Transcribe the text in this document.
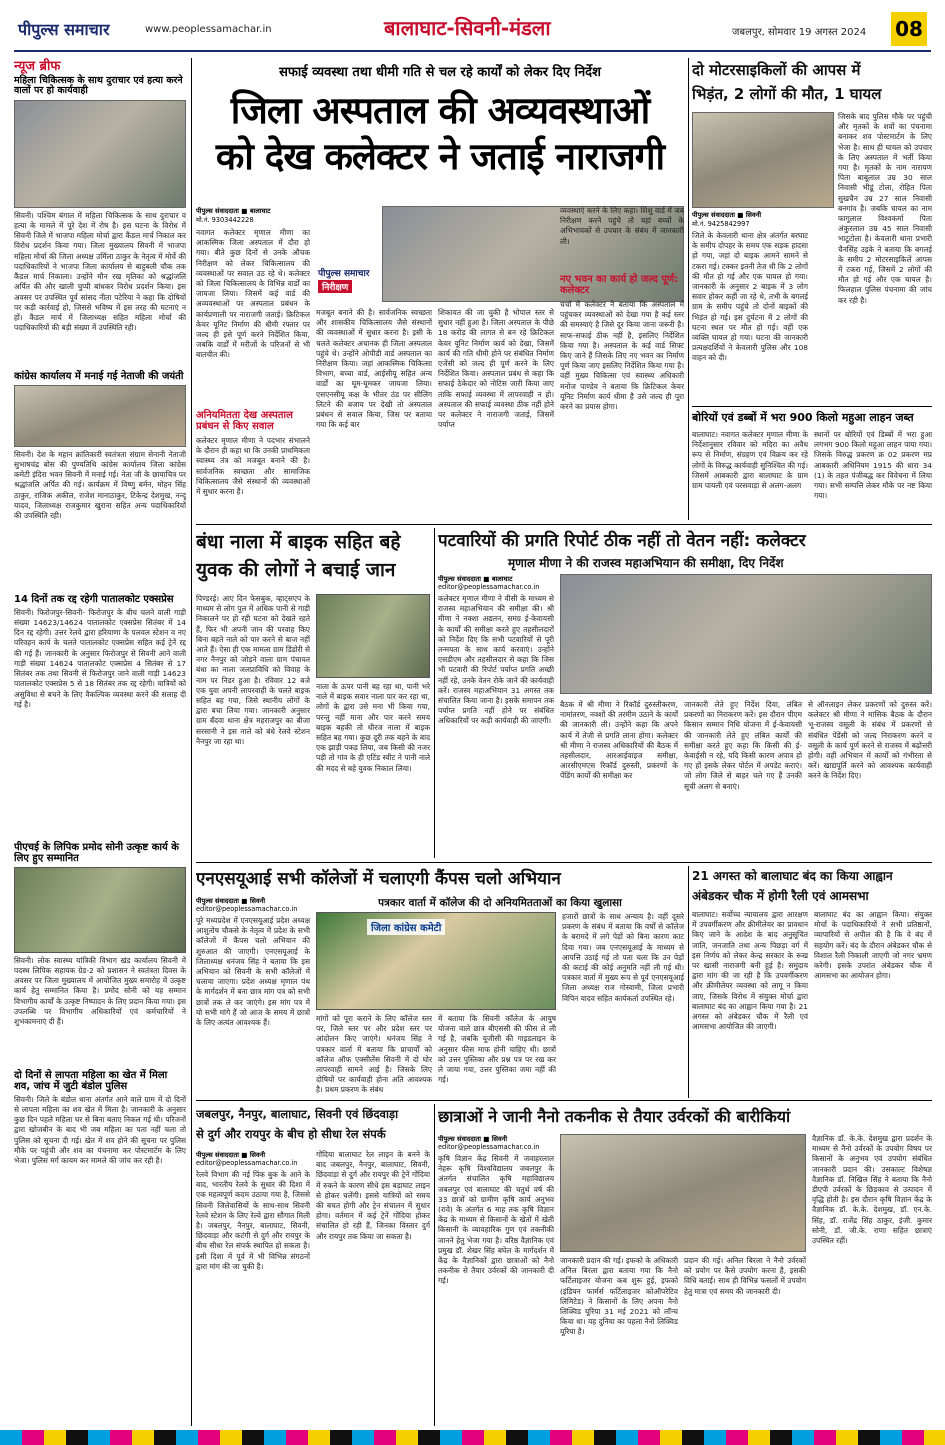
पीपुल्स समाचार	www.peoplessamachar.in	बालाघाट-सिवनी-मंडला	जबलपुर, सोमवार 19 अगस्त 2024 08
न्यूज ब्रीफ
महिला चिकित्सक के साथ दुराचार एवं हत्या करने वालों पर हो कार्यवाही
सिवनी। पश्चिम बंगाल में महिला चिकित्सक के साथ दुराचार व हत्या के मामले में पूरे देश में रोष है। इस घटना के विरोध में सिवनी जिले में भाजपा महिला मोर्चा द्वारा कैंडल मार्च निकाल कर विरोध प्रदर्शन किया गया। जिला मुख्यालय सिवनी में भाजपा महिला मोर्चा की जिला अध्यक्ष उर्मिला ठाकुर के नेतृत्व में मोर्चे की पदाधिकारियों ने भाजपा जिला कार्यालय से बाहुबली चौक तक कैंडल मार्च निकाला। उन्होंने मौन रख मृतिका को श्रद्धांजलि अर्पित की और खाली चुप्पी बांधकर विरोध प्रदर्शन किया। इस अवसर पर उपस्थित पूर्व सांसद नीता पटेरिया ने कहा कि दोषियों पर कड़ी कार्रवाई हो, जिससे भविष्य में इस तरह की घटनाएं न हों। कैंडल मार्च में जिलाध्यक्ष सहित महिला मोर्चा की पदाधिकारियों की बड़ी संख्या में उपस्थिति रही।
कांग्रेस कार्यालय में मनाई गई नेताजी की जयंती
सिवनी। देश के महान क्रांतिकारी स्वतंत्रता संग्राम सेनानी नेताजी सुभाषचंद्र बोस की पुण्यतिथि कांग्रेस कार्यालय जिला कांग्रेस कमेटी इंदिरा भवन सिवनी में मनाई गई। नेता जी के छायाचित्र पर श्रद्धांजलि अर्पित की गई। कार्यक्रम में विष्णु बर्मन, मोहन सिंह ठाकुर, राजिक अकील, राजेश मानाठाकुर, टिकेन्द्र देशमुख, नन्दू यादव, जिलाध्यक्ष राजकुमार खुराना सहित अन्य पदाधिकारियों की उपस्थिति रही।
14 दिनों तक रद्द रहेगी पातालकोट एक्सप्रेस
सिवनी। फिरोजपुर-सिवनी- फिरोजपुर के बीच चलने वाली गाड़ी संख्या 14623/14624 पातालकोट एक्सप्रेस सितंबर में 14 दिन रद्द रहेगी। उत्तर रेलवे द्वारा हरियाणा के पलवल स्टेशन व नए परिवहन कार्य के चलते पातालकोट एक्सप्रेस सहित कई ट्रेनें रद्द की गई हैं। जानकारी के अनुसार फिरोजपुर से सिवनी आने वाली गाड़ी संख्या 14624 पातालकोट एक्सप्रेस 4 सितंबर से 17 सितंबर तक तथा सिवनी से फिरोजपुर जाने वाली गाड़ी 14623 पातालकोट एक्सप्रेस 5 से 18 सितंबर तक रद्द रहेगी। यात्रियों को असुविधा से बचने के लिए वैकल्पिक व्यवस्था करने की सलाह दी गई है।
पीएचई के लिपिक प्रमोद सोनी उत्कृष्ट कार्य के लिए हुए सम्मानित
सिवनी। लोक स्वास्थ्य यांत्रिकी विभाग खंड कार्यालय सिवनी में पदस्थ लिपिक सहायक ग्रेड-2 को प्रशासन ने स्वतंत्रता दिवस के अवसर पर जिला मुख्यालय में आयोजित मुख्य समारोह में उत्कृष्ट कार्य हेतु सम्मानित किया है। प्रमोद सोनी को यह सम्मान विभागीय कार्यों के उत्कृष्ट निष्पादन के लिए प्रदान किया गया। इस उपलब्धि पर विभागीय अधिकारियों एवं कर्मचारियों ने शुभकामनाएं दी हैं।
दो दिनों से लापता महिला का खेत में मिला शव, जांच में जुटी बंडोल पुलिस
सिवनी। जिले के बंडोल थाना अंतर्गत आने वाले ग्राम में दो दिनों से लापता महिला का शव खेत में मिला है। जानकारी के अनुसार कुछ दिन पहले महिला घर से बिना बताए निकल गई थी। परिजनों द्वारा खोजबीन के बाद भी जब महिला का पता नहीं चला तो पुलिस को सूचना दी गई। खेत में शव होने की सूचना पर पुलिस मौके पर पहुंची और शव का पंचनामा कर पोस्टमार्टम के लिए भेजा। पुलिस मर्ग कायम कर मामले की जांच कर रही है।
सफाई व्यवस्था तथा धीमी गति से चल रहे कार्यों को लेकर दिए निर्देश
जिला अस्पताल की अव्यवस्थाओं
को देख कलेक्टर ने जताई नाराजगी
पीपुल्स संवाददाता ■ बालाघाट
मो.नं. 9303442228
नवागत कलेक्टर मृणाल मीणा का आकस्मिक जिला अस्पताल में दौरा हो गया। बीते कुछ दिनों से उनके औचक निरीक्षण को लेकर चिकित्सालय की व्यवस्थाओं पर सवाल उठ रहे थे। कलेक्टर को जिला चिकित्सालय के विभिन्न वार्डों का जायजा लिया। जिसमें कई वार्ड की अव्यवस्थाओं पर अस्पताल प्रबंधन के कार्यप्रणाली पर नाराजगी जताई। क्रिटिकल केयर यूनिट निर्माण की धीमी रफ्तार पर जल्द ही इसे पूर्ण करने निर्देशित किया, जबकि वार्डों में मरीजों के परिजनों से भी बातचीत की।
अनियमितता देख अस्पताल प्रबंधन से किए सवाल
कलेक्टर मृणाल मीणा ने पदभार संभालने के दौरान ही कहा था कि उनकी प्राथमिकता स्वास्थ्य तंत्र को मजबूत बनाने की है। सार्वजनिक स्वच्छता और सामाजिक चिकित्सालय जैसे संस्थानों की व्यवस्थाओं में सुधार करना है।
पीपुल्स समाचार
निरीक्षण
मजबूत बनाने की है। सार्वजनिक स्वच्छता और शासकीय चिकित्सालय जैसे संस्थानों की व्यवस्थाओं में सुधार करना है। इसी के चलते कलेक्टर अचानक ही जिला अस्पताल पहुंचे थे। उन्होंने ओपीडी वार्ड अस्पताल का निरीक्षण किया। जहां आकस्मिक चिकित्सा विभाग, बच्चा वार्ड, आईसीयू सहित अन्य वार्डों का घूम-घूमकर जायजा लिया। एसएनसीयू कक्ष के भीतर ठंड पर सीलिंग लिटने की बजाय पर देखी तो अस्पताल प्रबंधन से सवाल किया, जिस पर बताया गया कि कई बार
शिकायत की जा चुकी है भोपाल स्तर से सुधार नहीं हुआ है। जिला अस्पताल के पीछे 18 करोड़ की लागत से बन रहे क्रिटिकल केयर यूनिट निर्माण कार्य को देखा, जिसमें कार्य की गति धीमी होने पर संबंधित निर्माण एजेंसी को जल्द ही पूर्ण करने के लिए निर्देशित किया। अस्पताल प्रबंध से कहा कि सफाई ठेकेदार को नोटिस जारी किया जाए ताकि सफाई व्यवस्था में लापरवाही न हो। अस्पताल की सफाई व्यवस्था ठीक नहीं होने पर कलेक्टर ने नाराजगी जताई, जिसमें पर्याप्त
व्यवस्थाएं करने के लिए कहा। शिशु वार्ड में जब निरीक्षण करने पहुंचे तो यहां बच्चों के अभिभावकों से उपचार के संबंध में जानकारी ली।
नए भवन का कार्य हो जल्द पूर्ण: कलेक्टर
चर्चा में कलेक्टर ने बताया कि अस्पताल में पहुंचकर व्यवस्थाओं को देखा गया है कई स्तर की समस्याएं है जिसे दूर किया जाना जरूरी है। साफ-सफाई ठीक नहीं है, इसलिए निर्देशित किया गया है। अस्पताल के कई वार्ड सिफ्ट किए जाने हैं जिसके लिए नए भवन का निर्माण पूर्ण किया जाए इसलिए निर्देशित किया गया है। वहीं मुख्य चिकित्सा एवं स्वास्थ्य अधिकारी मनोज पाण्डेय ने बताया कि क्रिटिकल केयर यूनिट निर्माण कार्य धीमा है उसे जल्द ही पूरा करने का प्रयास होगा।
दो मोटरसाइकिलों की आपस में
भिड़ंत, 2 लोगों की मौत, 1 घायल
पीपुल्स संवाददाता ■ सिवनी
मो.नं. 9425842997
जिले के केवलारी थाना क्षेत्र अंतर्गत बरघाट के समीप दोपहर के समय एक सड़क हादसा हो गया, जहां दो बाइक आमने सामने से टकरा गई। टक्कर इतनी तेज थी कि 2 लोगों की मौत हो गई और एक घायल हो गया। जानकारी के अनुसार 2 बाइक में 3 लोग सवार होकर कहीं जा रहे थे, तभी के बगलई ग्राम के समीप पहुंचे तो दोनों बाइकों की भिड़ंत हो गई। इस दुर्घटना में 2 लोगों की घटना स्थल पर मौत हो गई। वहीं एक व्यक्ति घायल हो गया। घटना की जानकारी प्रत्यक्षदर्शियों ने केवलारी पुलिस और 108 वाहन को दी।
जिसके बाद पुलिस मौके पर पहुंची और मृतकों के शवों का पंचनामा बनाकर शव पोस्टमार्टम के लिए भेजा है। साथ ही घायल को उपचार के लिए अस्पताल में भर्ती किया गया है। मृतकों के नाम नारायण पिता बाबूलाल उम्र 30 साल निवासी भीडूं टोला, रोहित पिता सुखचैन उम्र 27 साल निवासी बनगांव है। जबकि घायल का नाम फागूलाल विश्वकर्मा पिता अंकुरलाल उम्र 45 साल निवासी भाटूटोला है। केवलारी थाना प्रभारी चैनसिंह उइके ने बताया कि बगलई के समीप 2 मोटरसाइकिलें आपस में टकरा गई, जिसमें 2 लोगों की मौत हो गई और एक घायल है। फिलहाल पुलिस पंचनामा की जांच कर रही है।
बोरियों एवं डब्बों में भरा 900 किलो महुआ लाहन जब्त
बालाघाट। नवागत कलेक्टर मृणाल मीणा के निर्देशानुसार रविवार को मदिरा का अवैध रूप से निर्माण, संग्रहण एवं विक्रय कर रहे लोगों के विरुद्ध कार्यवाही सुनिश्चित की गई। जिसमें आबकारी द्वारा बालाघाट के ग्राम ग्राम पायली एवं परसवाड़ा से अलग-अलग
स्थानों पर बोरियों एवं डिब्बों में भरा हुआ लगभग 900 किलो महुआ लाहन पाया गया। जिसके विरुद्ध प्रकरण क्र 02 प्रकरण मप्र आबकारी अधिनियम 1915 की धारा 34 (1) के तहत पंजीबद्ध कर विवेचना में लिया गया। सभी सम्पत्ति लेकर मौके पर नष्ट किया गया।
बंधा नाला में बाइक सहित बहे
युवक की लोगों ने बचाई जान
पिण्डरई। आए दिन फेसबुक, व्हाट्सएप के माध्यम से लोग पुल में अधिक पानी से गाड़ी निकालने पर हो रही घटना को देखते रहते हैं, फिर भी अपनी जान की परवाह किए बिना बहते नाले को पार करने से बाज नहीं आते हैं। ऐसा ही एक मामला ग्राम डिंडोरी से नगर नैनपुर को जोड़ने वाला ग्राम पंचायत बंधा का नाला जलप्राविधि को विवाह के नाम पर निडर हुआ है। रविवार 12 बजे एक युवा अपनी लापरवाही के चलते बाइक सहित बह गया, जिसे स्थानीय लोगों के द्वारा बचा लिया गया। जानकारी अनुसार ग्राम बँदवा थाना क्षेत्र महराजपुर का बीजा सरसानी ने इस नाले को बंधे रेलवे स्टेशन नैनपुर जा रहा था।
नाला के ऊपर पानी बह रहा था, पानी भरे नाले में बाइक सवार नाला पार कर रहा था, लोगों के द्वारा उसे मना भी किया गया, परन्तु नहीं माना और पार करने समय बाइक बहकी तो धीरज नाला में बाइक सहित बह गया। कुछ दूरी तक बहने के बाद एक झाड़ी पकड़ लिया, जब किसी की नजर पड़ी तो गांव के ही एटिंड स्वीट ने पानी नाले की मदद से बहे युवक निकाल लिया।
पटवारियों की प्रगति रिपोर्ट ठीक नहीं तो वेतन नहीं: कलेक्टर
मृणाल मीणा ने की राजस्व महाअभियान की समीक्षा, दिए निर्देश
पीपुल्स संवाददाता ■ बालाघाट
editor@peoplessamachar.co.in
कलेक्टर मृणाल मीणा ने वीसी के माध्यम से राजस्व महाअभियान की समीक्षा की। श्री मीणा ने नक्शा अद्यतन, समग्र ई-केवायसी के कार्यों की समीक्षा करते हुए तहसीलदारों को निर्देश दिए कि सभी पटवारियों से पूरी तन्मयता के साथ कार्य करवाएं। उन्होंने एसडीएम और तहसीलदार से कहा कि जिस भी पटवारी की रिपोर्ट पर्याप्त प्रगति अच्छी नहीं रहे, उनके वेतन रोके जाने की कार्यवाही करें। राजस्व महाअभियान 31 अगस्त तक संचालित किया जाना है। इसके समापन तक पर्याप्त प्रगति नहीं होने पर संबंधित अधिकारियों पर कड़ी कार्यवाही की जाएगी।
बैठक में श्री मीणा ने रिकॉर्ड दुरुस्तीकरण, नामांतरण, नक्शों की तरमीम उठाने के कार्यों की जानकारी ली। उन्होंने कहा कि अपने कार्य में तेजी से प्रगति लाना होगा। कलेक्टर श्री मीणा ने राजस्व अधिकारियों की बैठक में तहसीलदार, आरआईवाइज समीक्षा, आरसीएमएस रिकॉर्ड दुरुस्ती, प्रकरणों के पेंडिंग कार्यों की समीक्षा कर
जानकारी लेते हुए निर्देश दिया, लंबित प्रकरणों का निराकरण करें। इस दौरान पीएम किसान सम्मान निधि योजना में ई-केवायसी की जानकारी लेते हुए लंबित कार्यों की समीक्षा करते हुए कहा कि किसी की ई-केवाईसी न रहे, यदि किसी कारण अपात्र हो गए हों इसके लेकर पोर्टल में अपडेट कराएं। जो लोग जिले से बाहर चले गए हैं उनकी सूची अलग से बनाएं।
से ऑनलाइन लेकर प्रकरणों को दुरुस्त करें। कलेक्टर श्री मीणा ने मासिक बैठक के दौरान भू-राजस्व वसूली के संबंध में प्रकरणों से संबंधित पेंडेंसी को जल्द निराकरण करने व वसूली के कार्य पूर्ण करने से राजस्व में बढ़ोत्तरी होगी। वहीं अभियान में कार्यों को गंभीरता से करें। खाद्यपूर्ति करने को आवश्यक कार्यवाही करने के निर्देश दिए।
एनएसयूआई सभी कॉलेजों में चलाएगी कैंपस चलो अभियान
पीपुल्स संवाददाता ■ सिवनी
editor@peoplessamachar.co.in
पूरे मध्यप्रदेश में एनएसयूआई प्रदेश अध्यक्ष आशुतोष चौकसे के नेतृत्व में प्रदेश के सभी कॉलेजों में कैंपस चलो अभियान की शुरुआत की जाएगी। एनएसयूआई के जिलाध्यक्ष धनंजय सिंह ने बताया कि इस अभियान को सिवनी के सभी कॉलेजों में चलाया जाएगा। प्रदेश अध्यक्ष मृणाल पंथ के मार्गदर्शन में बना छात्र मांग पत्र को सभी छात्रों तक ले कर जाएंगे। इस मांग पत्र में यो सभी मांगे हैं जो आज के समय में छात्रों के लिए अत्यंत आवश्यक हैं।
पत्रकार वार्ता में कॉलेज की दो अनियमितताओं का किया खुलासा
जिला कांग्रेस कमेटी
मांगों को पूरा कराने के लिए कॉलेज स्तर पर, जिले स्तर पर और प्रदेश स्तर पर आंदोलन किए जाएंगे। धनंजय सिंह ने पत्रकार वार्ता में बताया कि प्राचार्यों को कॉलेज ऑफ एक्सीलेंस सिवनी में दो घोर लापरवाही सामने आई है। जिसके लिए दोषियों पर कार्यवाही होना अति आवश्यक है। प्रथम प्रकरण के संबंध
में बताया कि सिवनी कॉलेज के आयुष योजना वाले छात्र बीएससी की फीस ले ली गई है, जबकि यूजीसी की गाइडलाइन के अनुसार फीस माफ होनी चाहिए थी। छात्रों को उत्तर पुस्तिका और प्रश्न पत्र पर रख कर ले जाया गया, उत्तर पुस्तिका जमा नहीं की गई।
हजारों छात्रों के साथ अन्याय है। वहीं दूसरे प्रकरण के संबंध में बताया कि वर्षों से कॉलेज के बरामदे में लगे पेड़ों को बिना कारण काट दिया गया। जब एनएसयूआई के माध्यम से आपत्ति उठाई गई तो पता चला कि उन पेड़ों की कटाई की कोई अनुमति नहीं ली गई थी। पत्रकार वार्ता में मुख्य रूप से पूर्व एनएसयूआई जिला अध्यक्ष राज गोस्वामी, जिला प्रभारी विपिन यादव सहित कार्यकर्ता उपस्थित रहे।
21 अगस्त को बालाघाट बंद का किया आह्वान
अंबेडकर चौक में होगी रैली एवं आमसभा
बालाघाट। सर्वोच्च न्यायालय द्वारा आरक्षण में उपवर्गीकरण और क्रीमीलेयर का प्रावधान किए जाने के आदेश के बाद अनुसूचित जाति, जनजाति तथा अन्य पिछड़ा वर्ग में इस निर्णय को लेकर केन्द्र सरकार के रूख पर खासी नाराजगी बनी हुई है। समुदाय द्वारा मांग की जा रही है कि उपवर्गीकरण और क्रीमीलेयर व्यवस्था को लागू न किया जाए, जिसके विरोध में संयुक्त मोर्चा द्वारा बालाघाट बंद का आह्वान किया गया है। 21 अगस्त को अंबेडकर चौक में रैली एवं आमसभा आयोजित की जाएगी।
बालाघाट बंद का आह्वान किया। संयुक्त मोर्चा के पदाधिकारियों ने सभी प्रतिष्ठानों, व्यापारियों से अपील की है कि वे बंद में सहयोग करें। बंद के दौरान अंबेडकर चौक से विशाल रैली निकाली जाएगी जो नगर भ्रमण करेगी। इसके उपरांत अंबेडकर चौक में आमसभा का आयोजन होगा।
जबलपुर, नैनपुर, बालाघाट, सिवनी एवं छिंदवाड़ा
से दुर्ग और रायपुर के बीच हो सीधा रेल संपर्क
पीपुल्स संवाददाता ■ सिवनी
editor@peoplessamachar.co.in
रेलवे विभाग की नई पिंक बुक के आने के बाद, भारतीय रेलवे के सुधार की दिशा में एक महत्वपूर्ण कदम उठाया गया है, जिससे सिवनी जिलेवासियों के साथ-साथ सिवनी रेलवे स्टेशन के लिए रेल्वे द्वारा सौगात मिली है। जबलपुर, नैनपुर, बालाघाट, सिवनी, छिंदवाड़ा और कटंगी से दुर्ग और रायपुर के बीच सीधा रेल संपर्क स्थापित हो सकता है। इसी दिशा में पूर्व में भी विभिन्न संगठनों द्वारा मांग की जा चुकी है।
गोंदिया बालाघाट रेल लाइन के बनने के बाद जबलपुर, नैनपुर, बालाघाट, सिवनी, छिंदवाड़ा से दुर्ग और रायपुर की ट्रेनें गोंदिया में रुकने के कारण सीधे इस बड़ाघाट लाइन से होकर चलेंगी। इससे यात्रियों को समय की बचत होगी और ट्रेन संचालन में सुधार होगा। वर्तमान में कई ट्रेनें गोंदिया होकर संचालित हो रही हैं, जिनका विस्तार दुर्ग और रायपुर तक किया जा सकता है।
छात्राओं ने जानी नैनो तकनीक से तैयार उर्वरकों की बारीकियां
पीपुल्स संवाददाता ■ सिवनी
editor@peoplessamachar.co.in
कृषि विज्ञान केंद्र सिवनी में जवाहरलाल नेहरू कृषि विश्वविद्यालय जबलपुर के अंतर्गत संचालित कृषि महाविद्यालय जबलपुर एवं बालाघाट की चतुर्थ वर्ष की 33 छात्रों को ग्रामीण कृषि कार्य अनुभव (रावे) के अंतर्गत 6 माह तक कृषि विज्ञान केंद्र के माध्यम से किसानों के खेतों में खेती किसानी के व्यावहारिक गुण एवं तकनीकी जानने हेतु भेजा गया है। वरिष्ठ वैज्ञानिक एवं प्रमुख डॉ. शेखर सिंह बघेल के मार्गदर्शन में केंद्र के वैज्ञानिकों द्वारा छात्राओं को नैनो तकनीक से तैयार उर्वरकों की जानकारी दी गई।
जानकारी प्रदान की गई। इफको के अधिकारी अनिल बिरला द्वारा बताया गया कि नैनो फर्टिलाइजर योजना कब शुरू हुई, इफको (इंडियन फार्मर्स फर्टिलाइजर कोऑपरेटिव लिमिटेड) ने किसानों के लिए अपना नैनो लिक्विड यूरिया 31 मई 2021 को लॉन्च किया था। यह दुनिया का पहला नैनो लिक्विड यूरिया है।
प्रदान की गई। अनिल बिरला ने नैनो उर्वरकों को प्रयोग पर कैसे उपयोग करना है, इसकी विधि बताई। साथ ही विभिन्न फसलों में उपयोग हेतु मात्रा एवं समय की जानकारी दी।
वैज्ञानिक डॉ. के.के. देशमुख द्वारा प्रदर्शन के माध्यम से नैनो उर्वरकों के उपयोग विषय पर किसानों के अनुभव एवं उपयोग संबंधित जानकारी प्रदान की। उसकाल्ट विशेषज्ञ वैज्ञानिक डॉ. निखिल सिंह ने बताया कि नैनो डीएपी उर्वरकों के छिड़काव से उत्पादन में वृद्धि होती है। इस दौरान कृषि विज्ञान केंद्र के वैज्ञानिक डॉ. के.के. देशमुख, डॉ. एन.के. सिंह, डॉ. राजेंद्र सिंह ठाकुर, इंजी. कुमार सोनी, डॉ. जी.के. राणा सहित छात्राएं उपस्थित रहीं।
